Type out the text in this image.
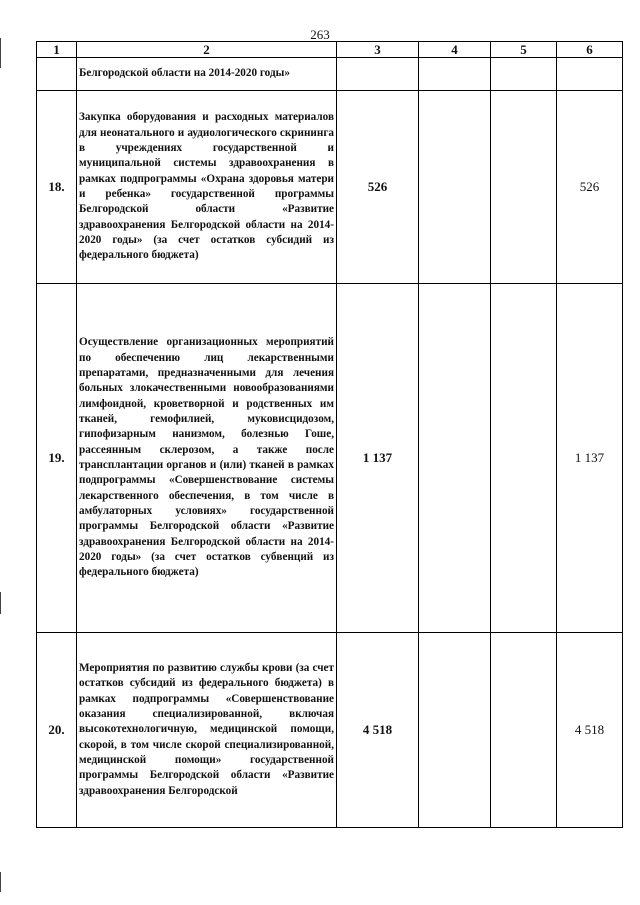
263
1	2	3	4	5	6
	Белгородской области на 2014-2020 годы»				
18.	Закупка оборудования и расходных материалов для неонатального и аудиологического скрининга в учреждениях государственной и муниципальной системы здравоохранения в рамках подпрограммы «Охрана здоровья матери и ребенка» государственной программы Белгородской области «Развитие здравоохранения Белгородской области на 2014-2020 годы» (за счет остатков субсидий из федерального бюджета)	526			526
19.	Осуществление организационных мероприятий по обеспечению лиц лекарственными препаратами, предназначенными для лечения больных злокачественными новообразованиями лимфоидной, кроветворной и родственных им тканей, гемофилией, муковисцидозом, гипофизарным нанизмом, болезнью Гоше, рассеянным склерозом, а также после трансплантации органов и (или) тканей в рамках подпрограммы «Совершенствование системы лекарственного обеспечения, в том числе в амбулаторных условиях» государственной программы Белгородской области «Развитие здравоохранения Белгородской области на 2014-2020 годы» (за счет остатков субвенций из федерального бюджета)	1 137			1 137
20.	Мероприятия по развитию службы крови (за счет остатков субсидий из федерального бюджета) в рамках подпрограммы «Совершенствование оказания специализированной, включая высокотехнологичную, медицинской помощи, скорой, в том числе скорой специализированной, медицинской помощи» государственной программы Белгородской области «Развитие здравоохранения Белгородской	4 518			4 518
